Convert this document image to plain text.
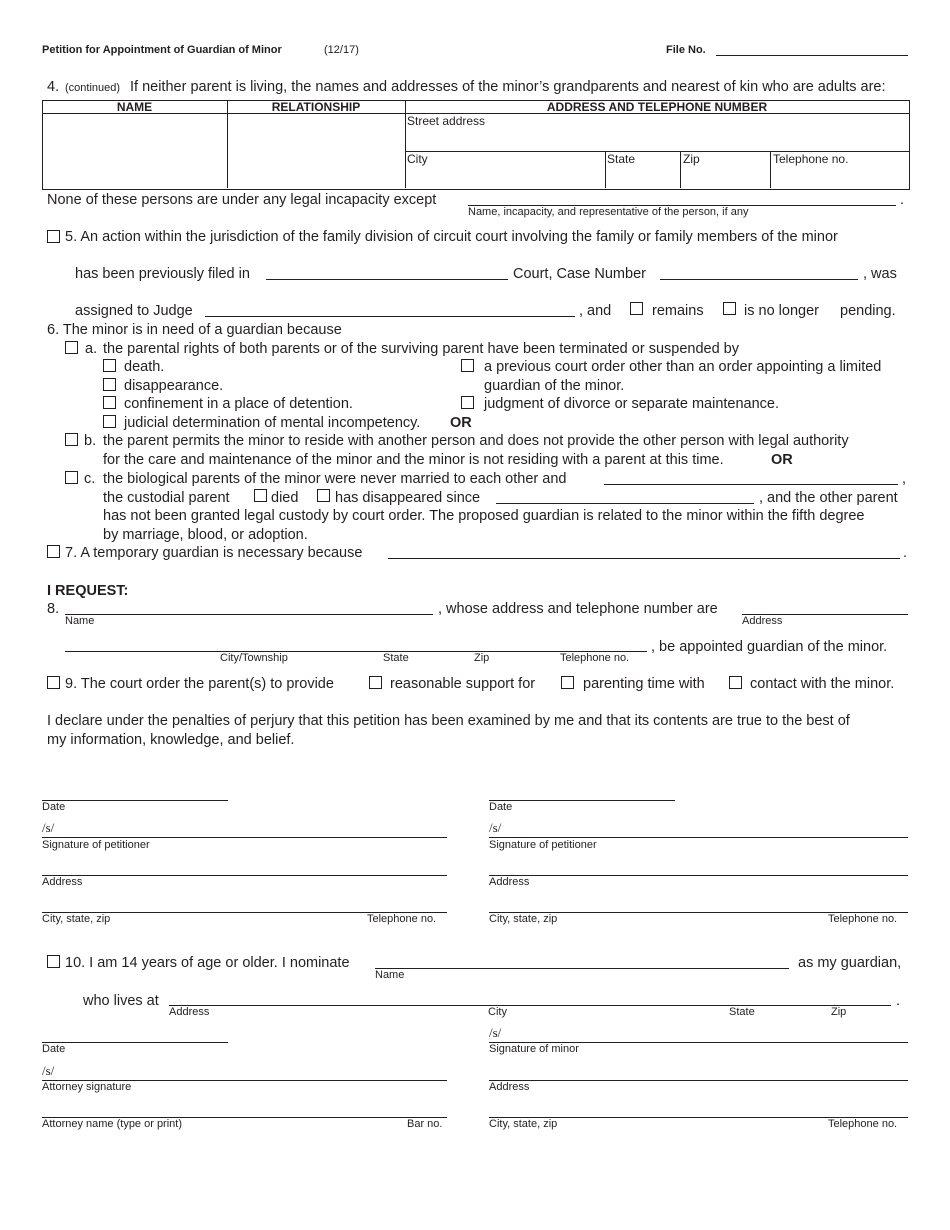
Petition for Appointment of Guardian of Minor	(12/17)	File No.
4. (continued) If neither parent is living, the names and addresses of the minor’s grandparents and nearest of kin who are adults are:
NAME	RELATIONSHIP	ADDRESS AND TELEPHONE NUMBER
Street address
City	State	Zip	Telephone no.
None of these persons are under any legal incapacity except	.
Name, incapacity, and representative of the person, if any
5. An action within the jurisdiction of the family division of circuit court involving the family or family members of the minor
has been previously filed in	Court, Case Number	, was
assigned to Judge	, and	remains	is no longer pending.
6. The minor is in need of a guardian because
a. the parental rights of both parents or of the surviving parent have been terminated or suspended by
death.
disappearance.
confinement in a place of detention.
judicial determination of mental incompetency. OR
a previous court order other than an order appointing a limited
guardian of the minor.
judgment of divorce or separate maintenance.
b. the parent permits the minor to reside with another person and does not provide the other person with legal authority
for the care and maintenance of the minor and the minor is not residing with a parent at this time.	OR
c. the biological parents of the minor were never married to each other and	,
the custodial parent	died	has disappeared since	, and the other parent
has not been granted legal custody by court order. The proposed guardian is related to the minor within the fifth degree
by marriage, blood, or adoption.
7. A temporary guardian is necessary because	.
I REQUEST:
8.	, whose address and telephone number are
Name	Address
, be appointed guardian of the minor.
City/Township	State	Zip	Telephone no.
9. The court order the parent(s) to provide	reasonable support for	parenting time with	contact with the minor.
I declare under the penalties of perjury that this petition has been examined by me and that its contents are true to the best of
my information, knowledge, and belief.
Date
/s/
Signature of petitioner
Address
City, state, zip	Telephone no.
Date
/s/
Signature of petitioner
Address
City, state, zip	Telephone no.
10. I am 14 years of age or older. I nominate	as my guardian,
Name
who lives at	.
Address	City	State	Zip
Date
/s/
Attorney signature
Attorney name (type or print)	Bar no.
/s/
Signature of minor
Address
City, state, zip	Telephone no.
